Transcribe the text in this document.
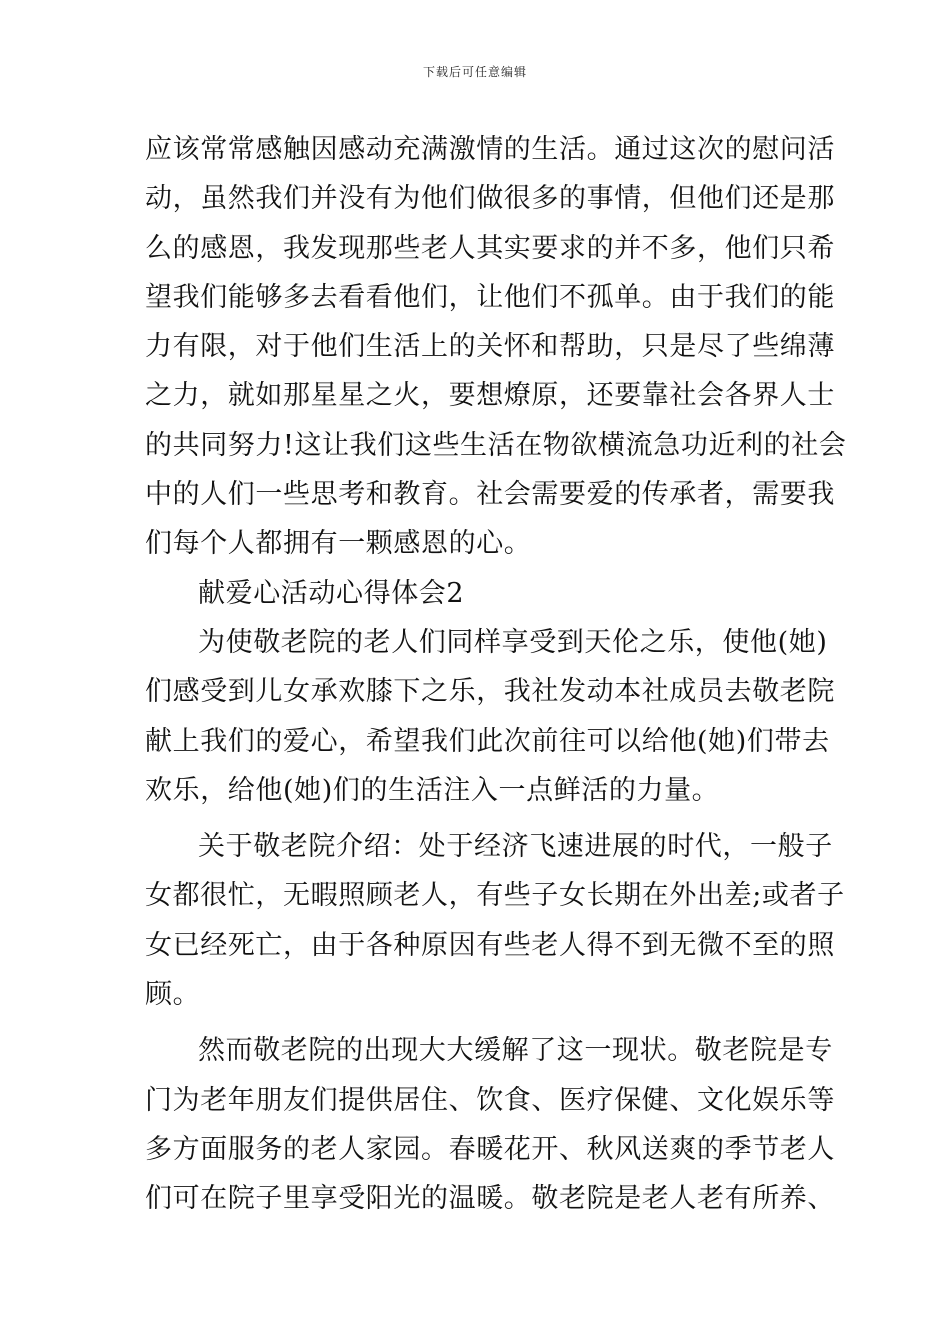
下载后可任意编辑
应该常常感触因感动充满激情的生活。通过这次的慰问活
动，虽然我们并没有为他们做很多的事情，但他们还是那
么的感恩，我发现那些老人其实要求的并不多，他们只希
望我们能够多去看看他们，让他们不孤单。由于我们的能
力有限，对于他们生活上的关怀和帮助，只是尽了些绵薄
之力，就如那星星之火，要想燎原，还要靠社会各界人士
的共同努力!这让我们这些生活在物欲横流急功近利的社会
中的人们一些思考和教育。社会需要爱的传承者，需要我
们每个人都拥有一颗感恩的心。
献爱心活动心得体会2
为使敬老院的老人们同样享受到天伦之乐，使他(她)
们感受到儿女承欢膝下之乐，我社发动本社成员去敬老院
献上我们的爱心，希望我们此次前往可以给他(她)们带去
欢乐，给他(她)们的生活注入一点鲜活的力量。
关于敬老院介绍：处于经济飞速进展的时代，一般子
女都很忙，无暇照顾老人，有些子女长期在外出差;或者子
女已经死亡，由于各种原因有些老人得不到无微不至的照
顾。
然而敬老院的出现大大缓解了这一现状。敬老院是专
门为老年朋友们提供居住、饮食、医疗保健、文化娱乐等
多方面服务的老人家园。春暖花开、秋风送爽的季节老人
们可在院子里享受阳光的温暖。敬老院是老人老有所养、
